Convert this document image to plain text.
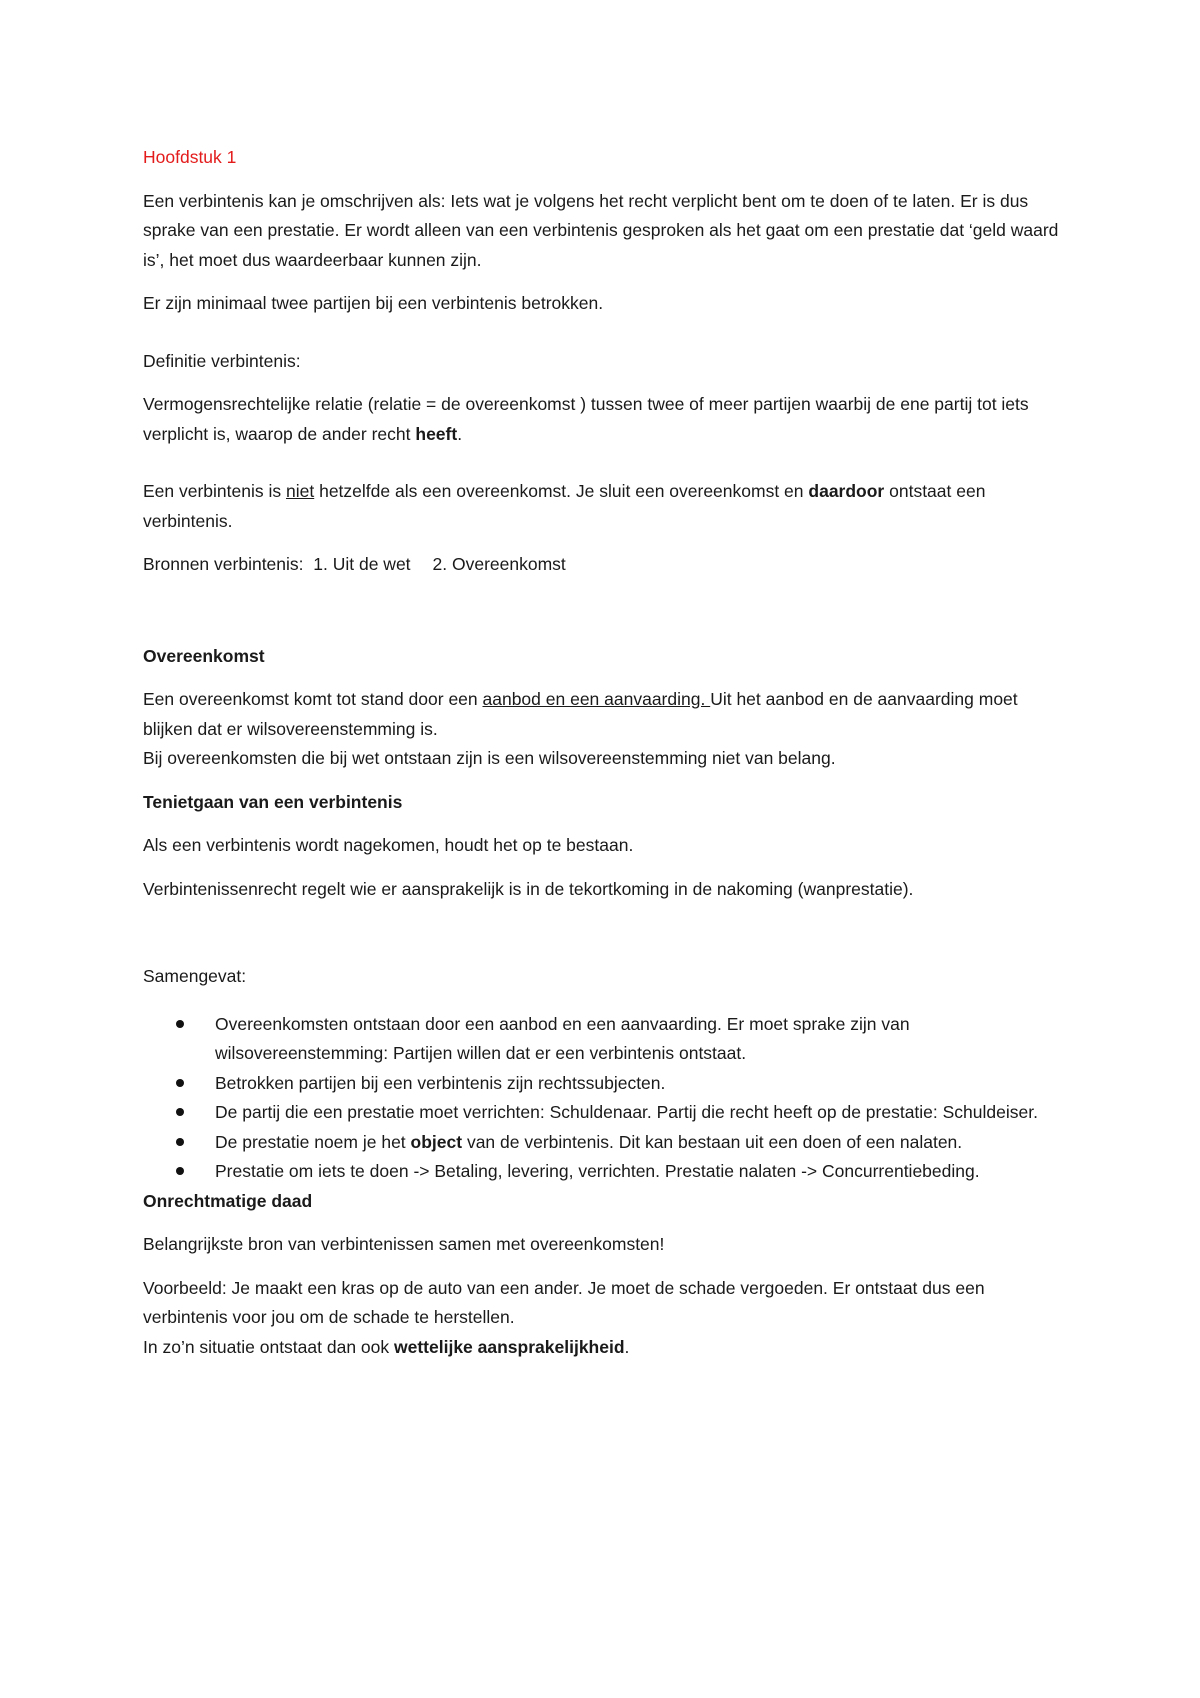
Hoofdstuk 1

Een verbintenis kan je omschrijven als: Iets wat je volgens het recht verplicht bent om te doen of te laten. Er is dus sprake van een prestatie. Er wordt alleen van een verbintenis gesproken als het gaat om een prestatie dat ‘geld waard is’, het moet dus waardeerbaar kunnen zijn.

Er zijn minimaal twee partijen bij een verbintenis betrokken.

Definitie verbintenis:

Vermogensrechtelijke relatie (relatie = de overeenkomst ) tussen twee of meer partijen waarbij de ene partij tot iets verplicht is, waarop de ander recht heeft.

Een verbintenis is niet hetzelfde als een overeenkomst. Je sluit een overeenkomst en daardoor ontstaat een verbintenis.

Bronnen verbintenis: 1. Uit de wet 2. Overeenkomst

Overeenkomst

Een overeenkomst komt tot stand door een aanbod en een aanvaarding. Uit het aanbod en de aanvaarding moet blijken dat er wilsovereenstemming is.

Bij overeenkomsten die bij wet ontstaan zijn is een wilsovereenstemming niet van belang.

Tenietgaan van een verbintenis

Als een verbintenis wordt nagekomen, houdt het op te bestaan.

Verbintenissenrecht regelt wie er aansprakelijk is in de tekortkoming in de nakoming (wanprestatie).

Samengevat:

Overeenkomsten ontstaan door een aanbod en een aanvaarding. Er moet sprake zijn van wilsovereenstemming: Partijen willen dat er een verbintenis ontstaat.
Betrokken partijen bij een verbintenis zijn rechtssubjecten.
De partij die een prestatie moet verrichten: Schuldenaar. Partij die recht heeft op de prestatie: Schuldeiser.
De prestatie noem je het object van de verbintenis. Dit kan bestaan uit een doen of een nalaten.
Prestatie om iets te doen -> Betaling, levering, verrichten. Prestatie nalaten -> Concurrentiebeding.

Onrechtmatige daad

Belangrijkste bron van verbintenissen samen met overeenkomsten!

Voorbeeld: Je maakt een kras op de auto van een ander. Je moet de schade vergoeden. Er ontstaat dus een verbintenis voor jou om de schade te herstellen.

In zo’n situatie ontstaat dan ook wettelijke aansprakelijkheid.
